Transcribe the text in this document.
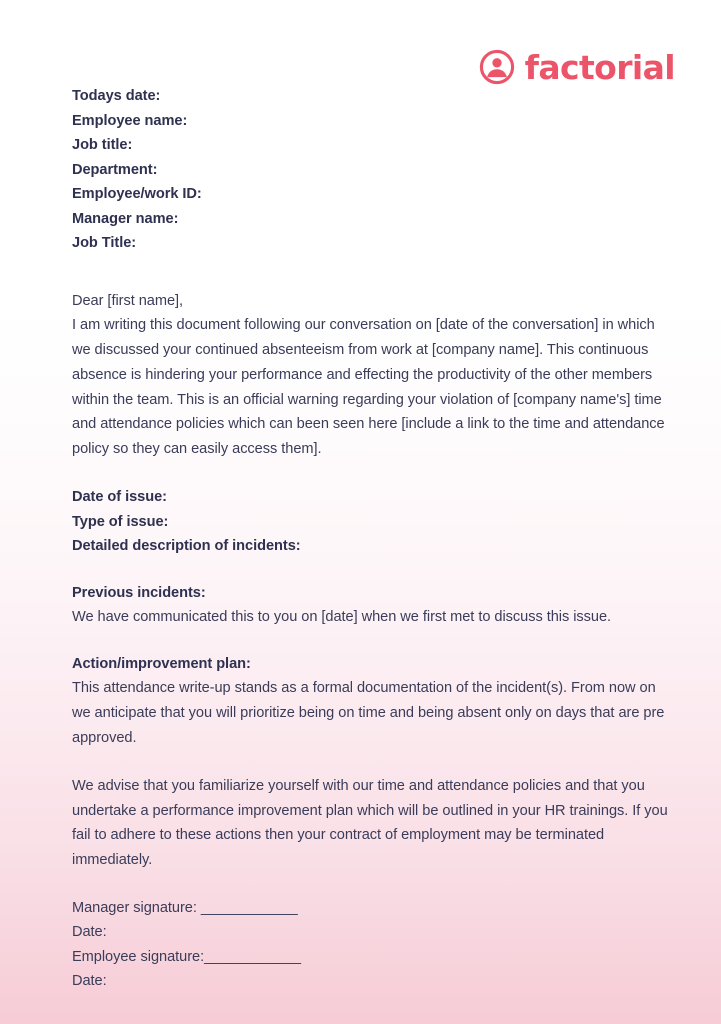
factorial
Todays date:
Employee name:
Job title:
Department:
Employee/work ID:
Manager name:
Job Title:
Dear [first name],
I am writing this document following our conversation on [date of the conversation] in which we discussed your continued absenteeism from work at [company name]. This continuous absence is hindering your performance and effecting the productivity of the other members within the team. This is an official warning regarding your violation of [company name's] time and attendance policies which can been seen here [include a link to the time and attendance policy so they can easily access them].
Date of issue:
Type of issue:
Detailed description of incidents:
Previous incidents:
We have communicated this to you on [date] when we first met to discuss this issue.
Action/improvement plan:
This attendance write-up stands as a formal documentation of the incident(s). From now on we anticipate that you will prioritize being on time and being absent only on days that are pre approved.
We advise that you familiarize yourself with our time and attendance policies and that you undertake a performance improvement plan which will be outlined in your HR trainings. If you fail to adhere to these actions then your contract of employment may be terminated immediately.
Manager signature: ____________
Date:
Employee signature:____________
Date:
